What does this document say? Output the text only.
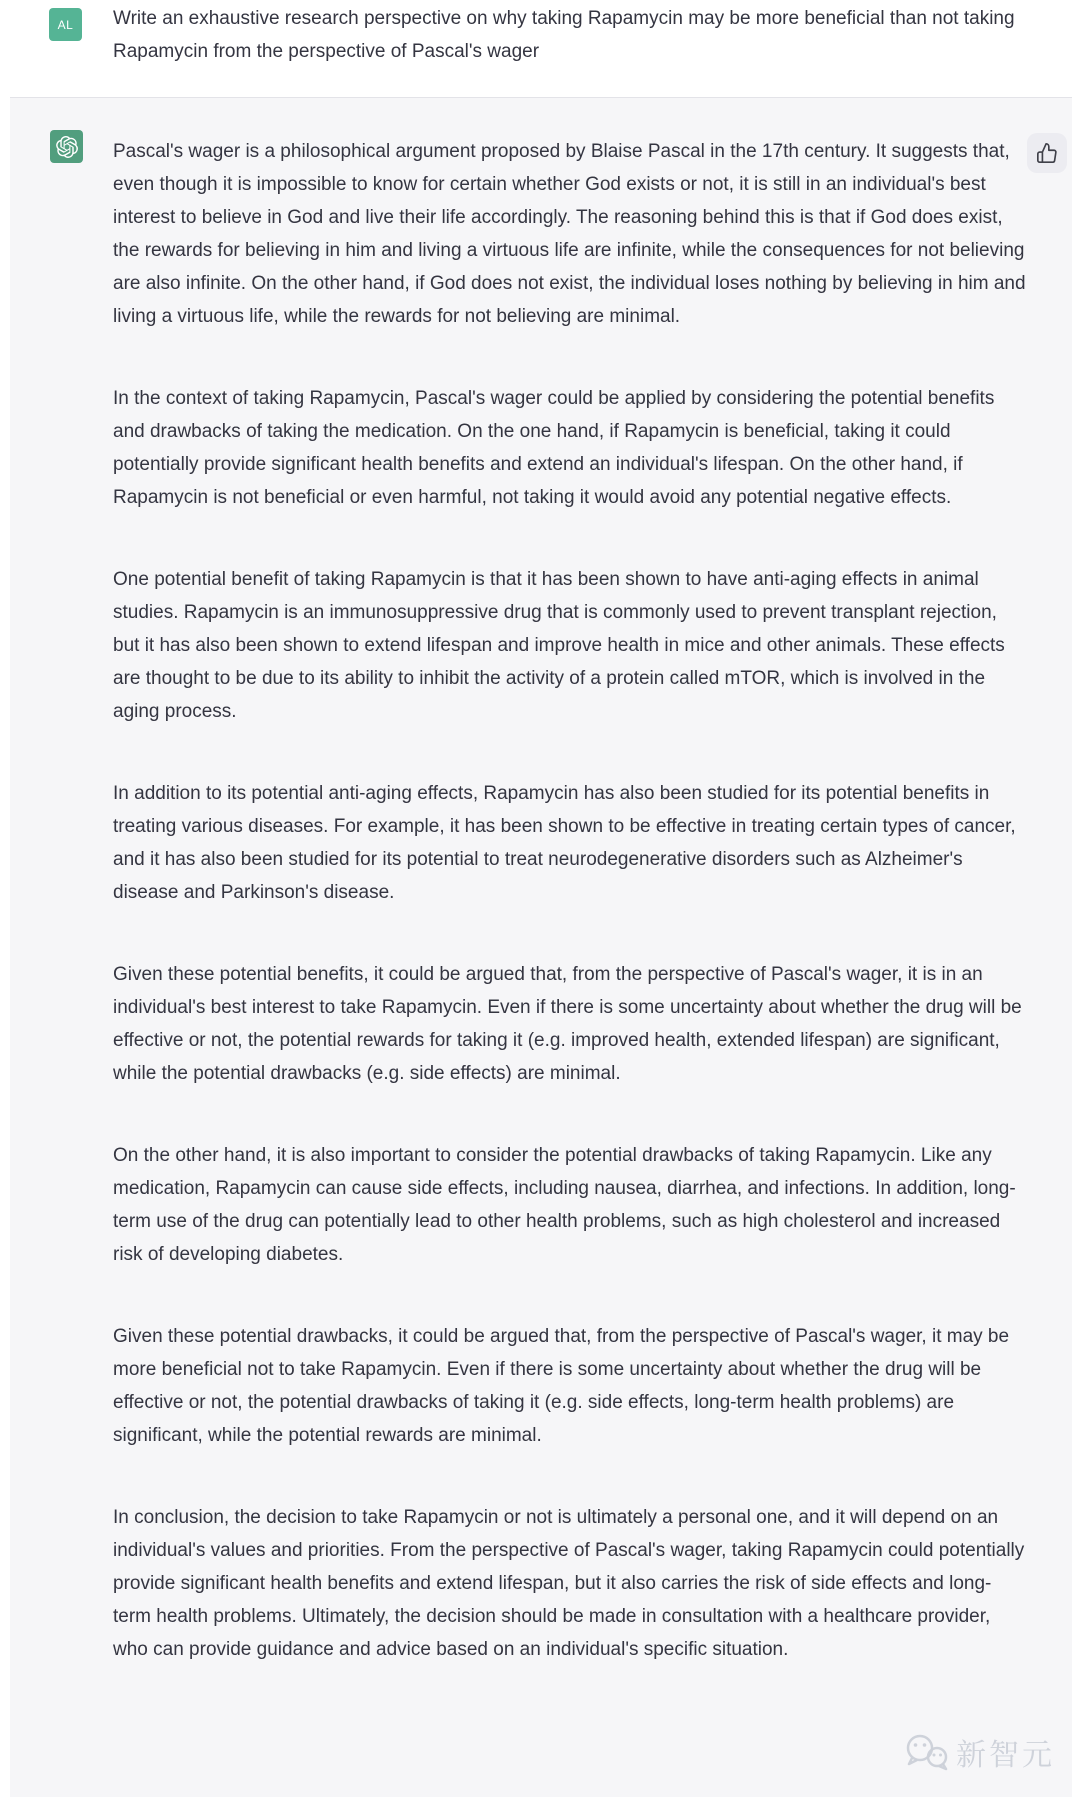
AL Write an exhaustive research perspective on why taking Rapamycin may be more beneficial than not taking Rapamycin from the perspective of Pascal's wager

Pascal's wager is a philosophical argument proposed by Blaise Pascal in the 17th century. It suggests that, even though it is impossible to know for certain whether God exists or not, it is still in an individual's best interest to believe in God and live their life accordingly. The reasoning behind this is that if God does exist, the rewards for believing in him and living a virtuous life are infinite, while the consequences for not believing are also infinite. On the other hand, if God does not exist, the individual loses nothing by believing in him and living a virtuous life, while the rewards for not believing are minimal.

In the context of taking Rapamycin, Pascal's wager could be applied by considering the potential benefits and drawbacks of taking the medication. On the one hand, if Rapamycin is beneficial, taking it could potentially provide significant health benefits and extend an individual's lifespan. On the other hand, if Rapamycin is not beneficial or even harmful, not taking it would avoid any potential negative effects.

One potential benefit of taking Rapamycin is that it has been shown to have anti-aging effects in animal studies. Rapamycin is an immunosuppressive drug that is commonly used to prevent transplant rejection, but it has also been shown to extend lifespan and improve health in mice and other animals. These effects are thought to be due to its ability to inhibit the activity of a protein called mTOR, which is involved in the aging process.

In addition to its potential anti-aging effects, Rapamycin has also been studied for its potential benefits in treating various diseases. For example, it has been shown to be effective in treating certain types of cancer, and it has also been studied for its potential to treat neurodegenerative disorders such as Alzheimer's disease and Parkinson's disease.

Given these potential benefits, it could be argued that, from the perspective of Pascal's wager, it is in an individual's best interest to take Rapamycin. Even if there is some uncertainty about whether the drug will be effective or not, the potential rewards for taking it (e.g. improved health, extended lifespan) are significant, while the potential drawbacks (e.g. side effects) are minimal.

On the other hand, it is also important to consider the potential drawbacks of taking Rapamycin. Like any medication, Rapamycin can cause side effects, including nausea, diarrhea, and infections. In addition, long-term use of the drug can potentially lead to other health problems, such as high cholesterol and increased risk of developing diabetes.

Given these potential drawbacks, it could be argued that, from the perspective of Pascal's wager, it may be more beneficial not to take Rapamycin. Even if there is some uncertainty about whether the drug will be effective or not, the potential drawbacks of taking it (e.g. side effects, long-term health problems) are significant, while the potential rewards are minimal.

In conclusion, the decision to take Rapamycin or not is ultimately a personal one, and it will depend on an individual's values and priorities. From the perspective of Pascal's wager, taking Rapamycin could potentially provide significant health benefits and extend lifespan, but it also carries the risk of side effects and long-term health problems. Ultimately, the decision should be made in consultation with a healthcare provider, who can provide guidance and advice based on an individual's specific situation.

新智元
